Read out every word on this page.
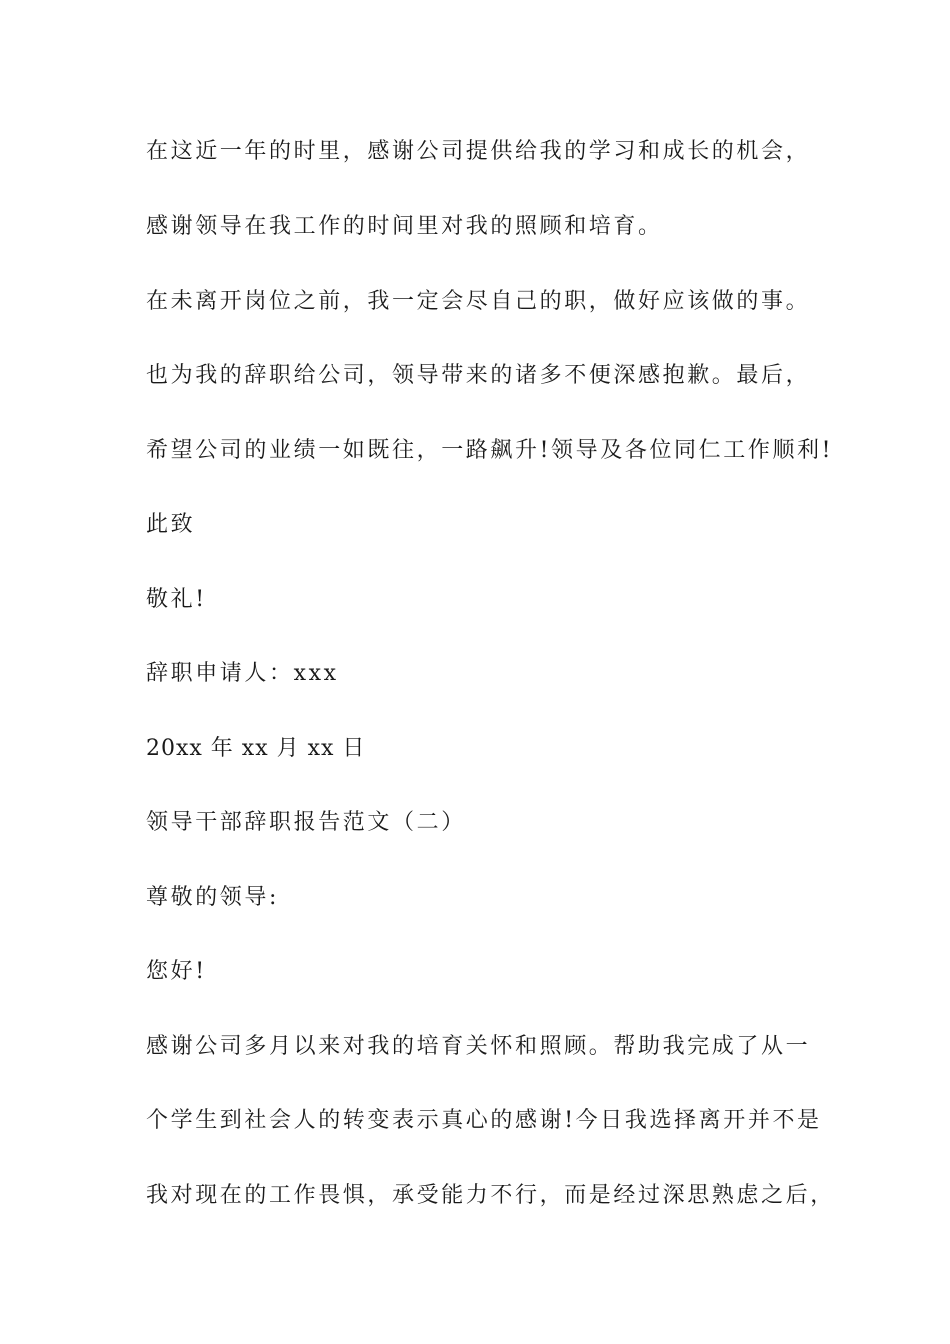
在这近一年的时里，感谢公司提供给我的学习和成长的机会，
感谢领导在我工作的时间里对我的照顾和培育。
在未离开岗位之前，我一定会尽自己的职，做好应该做的事。
也为我的辞职给公司，领导带来的诸多不便深感抱歉。最后，
希望公司的业绩一如既往，一路飙升!领导及各位同仁工作顺利!
此致
敬礼!
辞职申请人：xxx
20xx 年 xx 月 xx 日
领导干部辞职报告范文（二）
尊敬的领导:
您好!
感谢公司多月以来对我的培育关怀和照顾。帮助我完成了从一
个学生到社会人的转变表示真心的感谢!今日我选择离开并不是
我对现在的工作畏惧，承受能力不行，而是经过深思熟虑之后，
